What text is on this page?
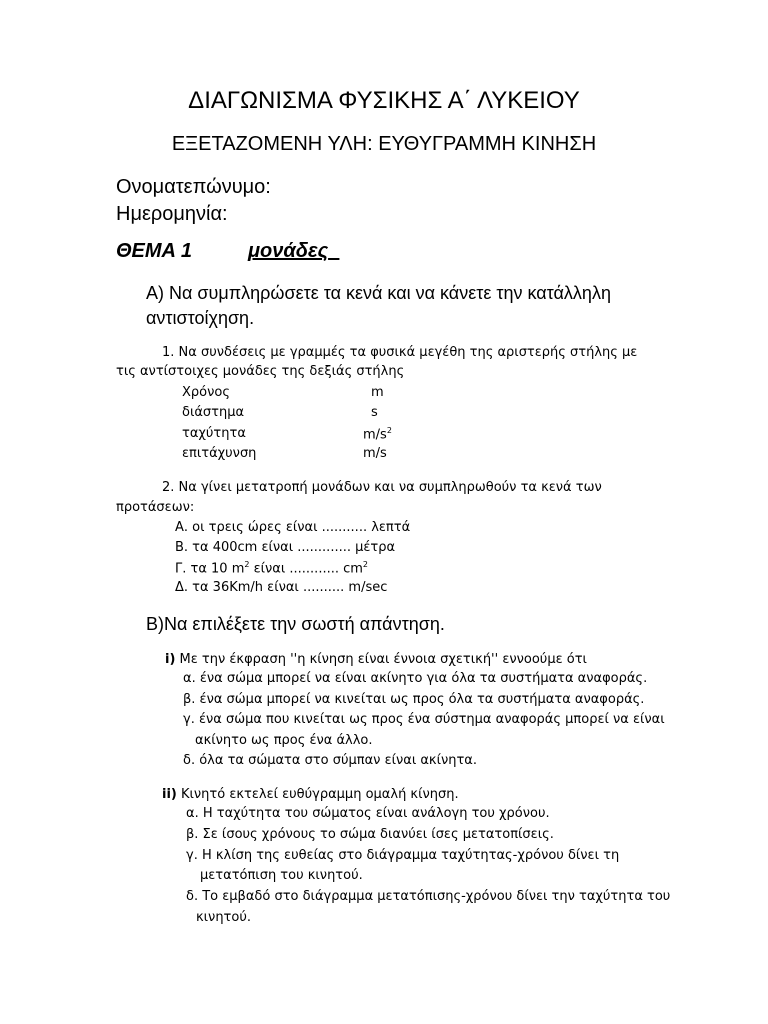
ΔΙΑΓΩΝΙΣΜΑ ΦΥΣΙΚΗΣ Α΄ ΛΥΚΕΙΟΥ
ΕΞΕΤΑΖΟΜΕΝΗ ΥΛΗ: ΕΥΘΥΓΡΑΜΜΗ ΚΙΝΗΣΗ
Ονοματεπώνυμο:
Ημερομηνία:
ΘΕΜΑ 1	μονάδες
Α) Να συμπληρώσετε τα κενά και να κάνετε την κατάλληλη
αντιστοίχηση.
1. Να συνδέσεις με γραμμές τα φυσικά μεγέθη της αριστερής στήλης με
τις αντίστοιχες μονάδες της δεξιάς στήλης
Χρόνος
διάστημα
ταχύτητα
επιτάχυνση
m
s
$m/s^2$
m/s
2. Να γίνει μετατροπή μονάδων και να συμπληρωθούν τα κενά των
προτάσεων:
Α. οι τρεις ώρες είναι ........... λεπτά
Β. τα 400cm είναι ............. μέτρα
Γ. τα 10 $m^2$ είναι ............ $cm^2$
Δ. τα 36Km/h είναι .......... m/sec
Β)Να επιλέξετε την σωστή απάντηση.
i) Με την έκφραση ''η κίνηση είναι έννοια σχετική'' εννοούμε ότι
α. ένα σώμα μπορεί να είναι ακίνητο για όλα τα συστήματα αναφοράς.
β. ένα σώμα μπορεί να κινείται ως προς όλα τα συστήματα αναφοράς.
γ. ένα σώμα που κινείται ως προς ένα σύστημα αναφοράς μπορεί να είναι
ακίνητο ως προς ένα άλλο.
δ. όλα τα σώματα στο σύμπαν είναι ακίνητα.
ii) Κινητό εκτελεί ευθύγραμμη ομαλή κίνηση.
α. Η ταχύτητα του σώματος είναι ανάλογη του χρόνου.
β. Σε ίσους χρόνους το σώμα διανύει ίσες μετατοπίσεις.
γ. Η κλίση της ευθείας στο διάγραμμα ταχύτητας-χρόνου δίνει τη
μετατόπιση του κινητού.
δ. Το εμβαδό στο διάγραμμα μετατόπισης-χρόνου δίνει την ταχύτητα του
κινητού.
